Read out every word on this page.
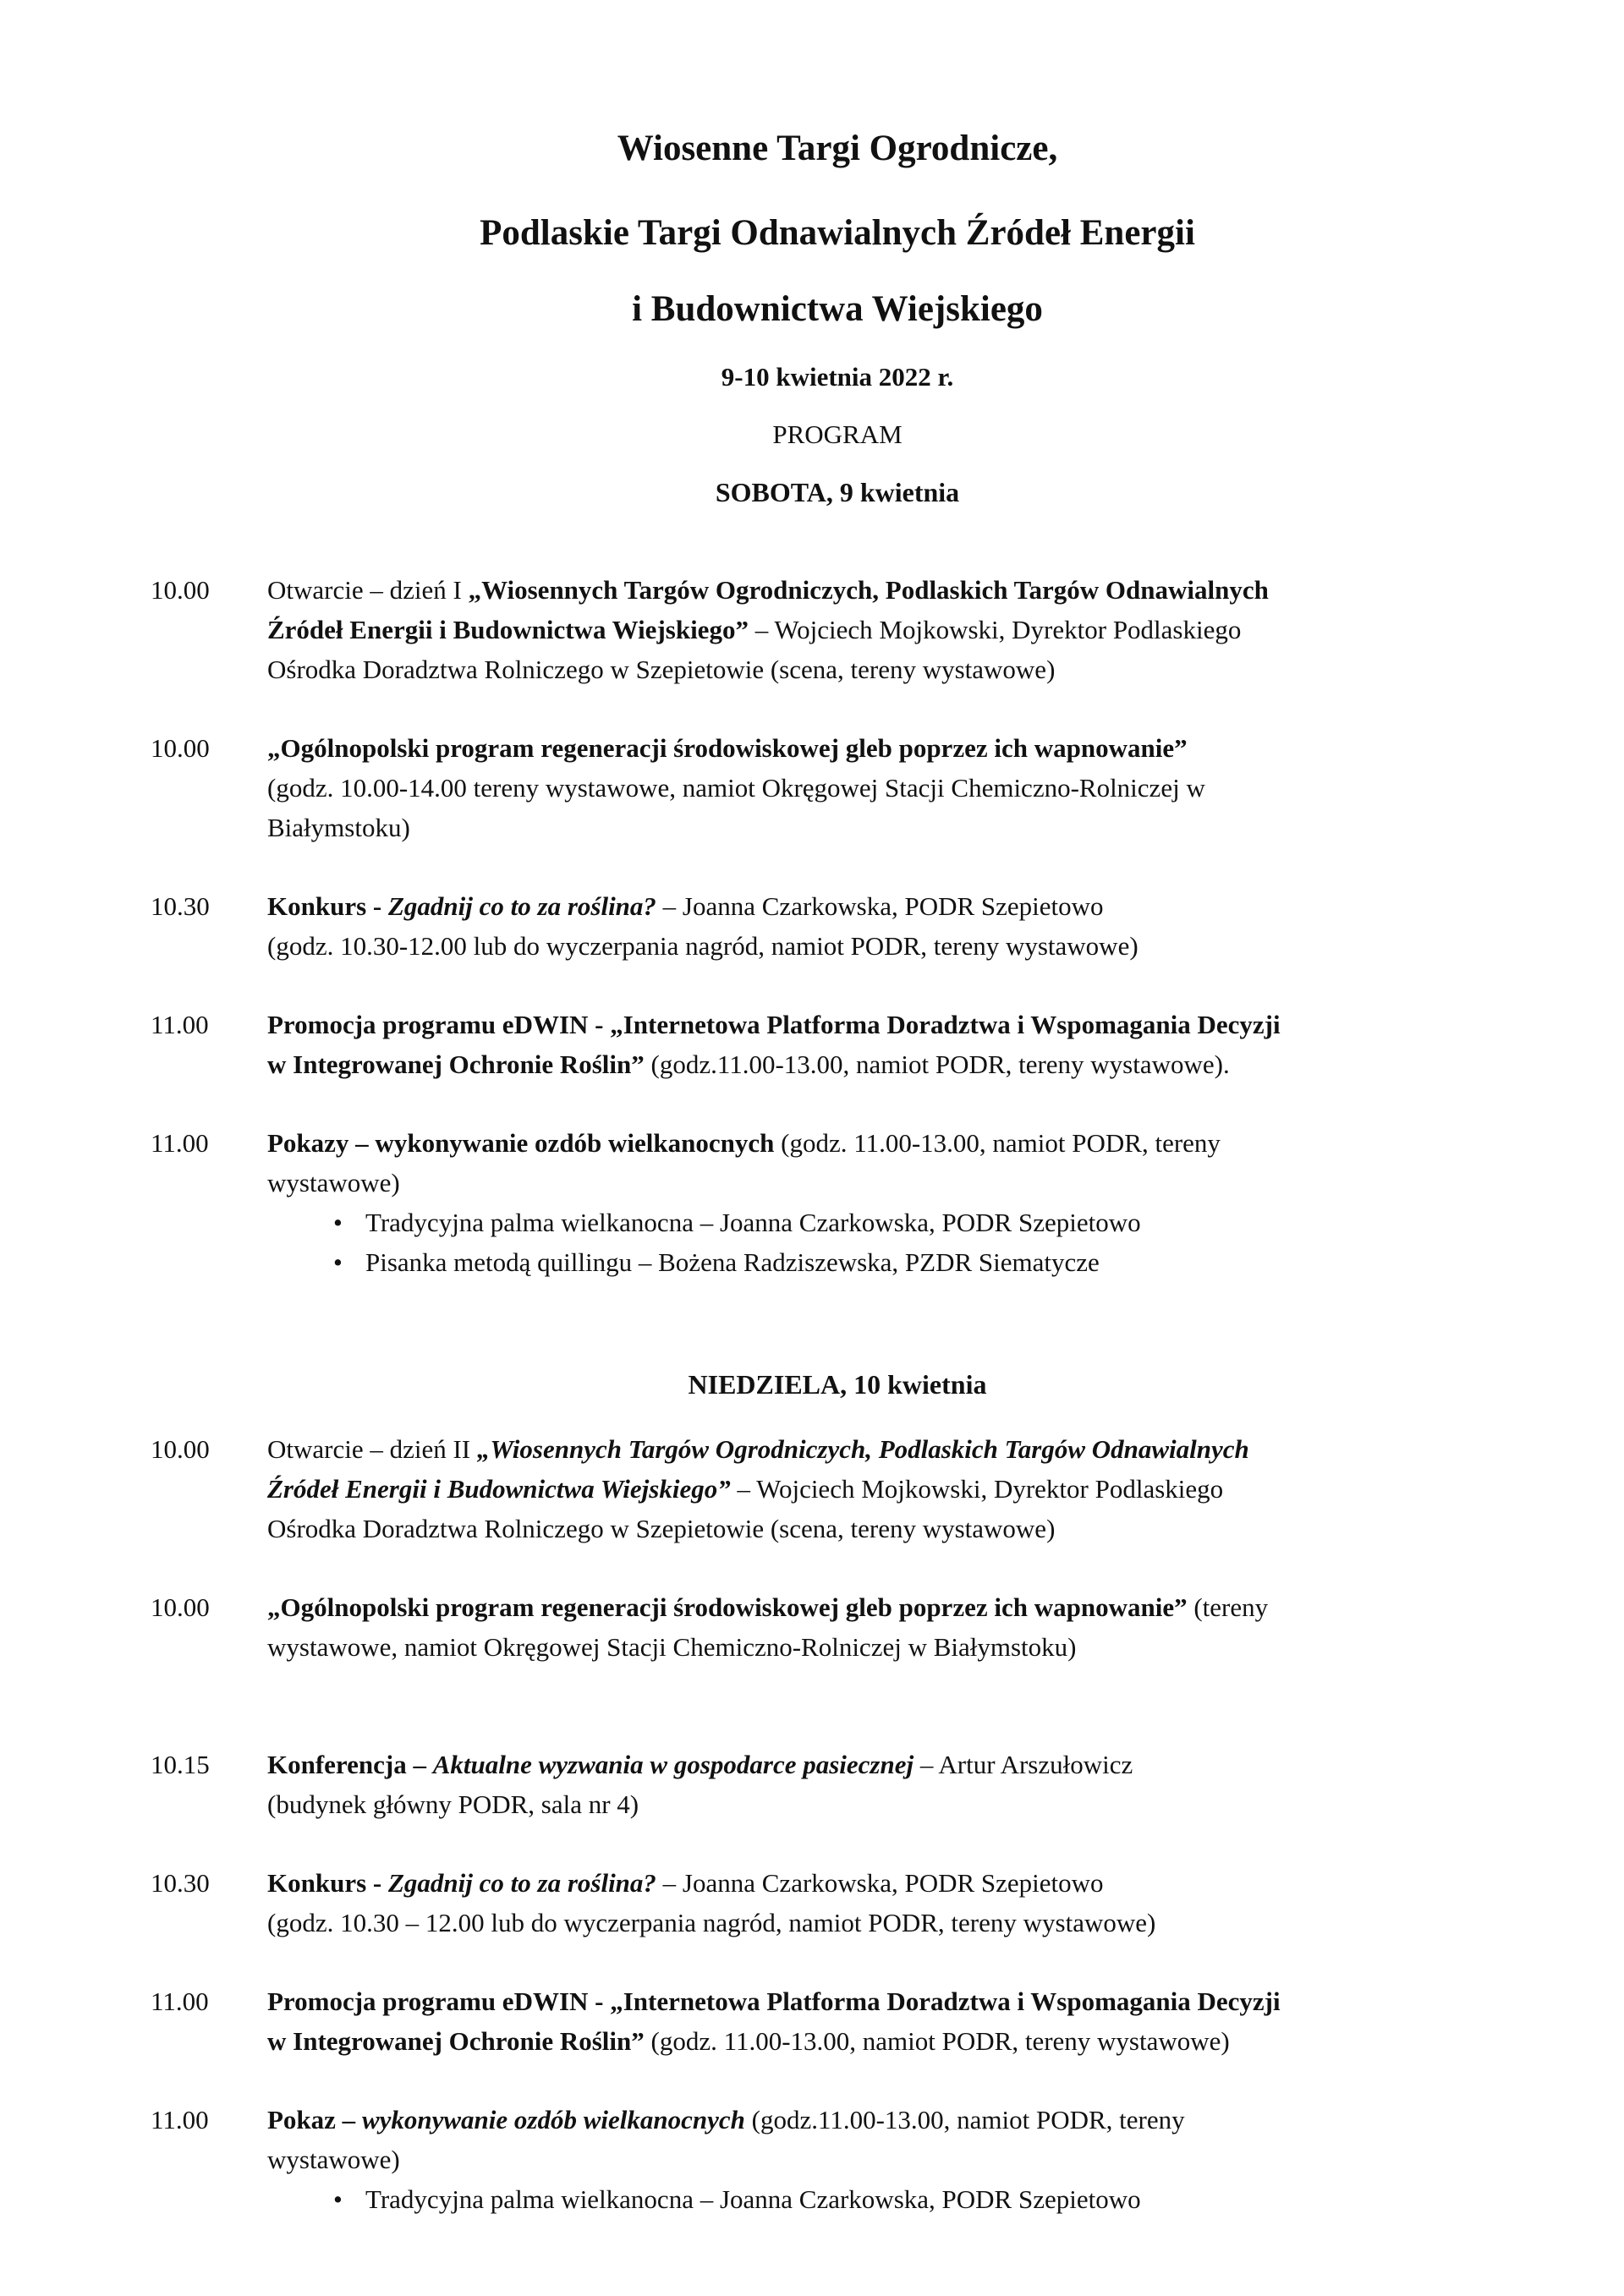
Wiosenne Targi Ogrodnicze,
Podlaskie Targi Odnawialnych Źródeł Energii
i Budownictwa Wiejskiego
9-10 kwietnia 2022 r.
PROGRAM
SOBOTA, 9 kwietnia
10.00	Otwarcie – dzień I „Wiosennych Targów Ogrodniczych, Podlaskich Targów Odnawialnych

Źródeł Energii i Budownictwa Wiejskiego” – Wojciech Mojkowski, Dyrektor Podlaskiego

Ośrodka Doradztwa Rolniczego w Szepietowie (scena, tereny wystawowe)

10.00	„Ogólnopolski program regeneracji środowiskowej gleb poprzez ich wapnowanie”

(godz. 10.00-14.00 tereny wystawowe, namiot Okręgowej Stacji Chemiczno-Rolniczej w

Białymstoku)

10.30	Konkurs - Zgadnij co to za roślina? – Joanna Czarkowska, PODR Szepietowo

(godz. 10.30-12.00 lub do wyczerpania nagród, namiot PODR, tereny wystawowe)

11.00	Promocja programu eDWIN - „Internetowa Platforma Doradztwa i Wspomagania Decyzji

w Integrowanej Ochronie Roślin” (godz.11.00-13.00, namiot PODR, tereny wystawowe).

11.00	Pokazy – wykonywanie ozdób wielkanocnych (godz. 11.00-13.00, namiot PODR, tereny

wystawowe)

• Tradycyjna palma wielkanocna – Joanna Czarkowska, PODR Szepietowo
• Pisanka metodą quillingu – Bożena Radziszewska, PZDR Siematycze
NIEDZIELA, 10 kwietnia
10.00	Otwarcie – dzień II „Wiosennych Targów Ogrodniczych, Podlaskich Targów Odnawialnych

Źródeł Energii i Budownictwa Wiejskiego” – Wojciech Mojkowski, Dyrektor Podlaskiego

Ośrodka Doradztwa Rolniczego w Szepietowie (scena, tereny wystawowe)

10.00	„Ogólnopolski program regeneracji środowiskowej gleb poprzez ich wapnowanie” (tereny

wystawowe, namiot Okręgowej Stacji Chemiczno-Rolniczej w Białymstoku)

10.15	Konferencja – Aktualne wyzwania w gospodarce pasiecznej – Artur Arszułowicz

(budynek główny PODR, sala nr 4)

10.30	Konkurs - Zgadnij co to za roślina? – Joanna Czarkowska, PODR Szepietowo

(godz. 10.30 – 12.00 lub do wyczerpania nagród, namiot PODR, tereny wystawowe)

11.00	Promocja programu eDWIN - „Internetowa Platforma Doradztwa i Wspomagania Decyzji

w Integrowanej Ochronie Roślin” (godz. 11.00-13.00, namiot PODR, tereny wystawowe)

11.00	Pokaz – wykonywanie ozdób wielkanocnych (godz.11.00-13.00, namiot PODR, tereny

wystawowe)

• Tradycyjna palma wielkanocna – Joanna Czarkowska, PODR Szepietowo
